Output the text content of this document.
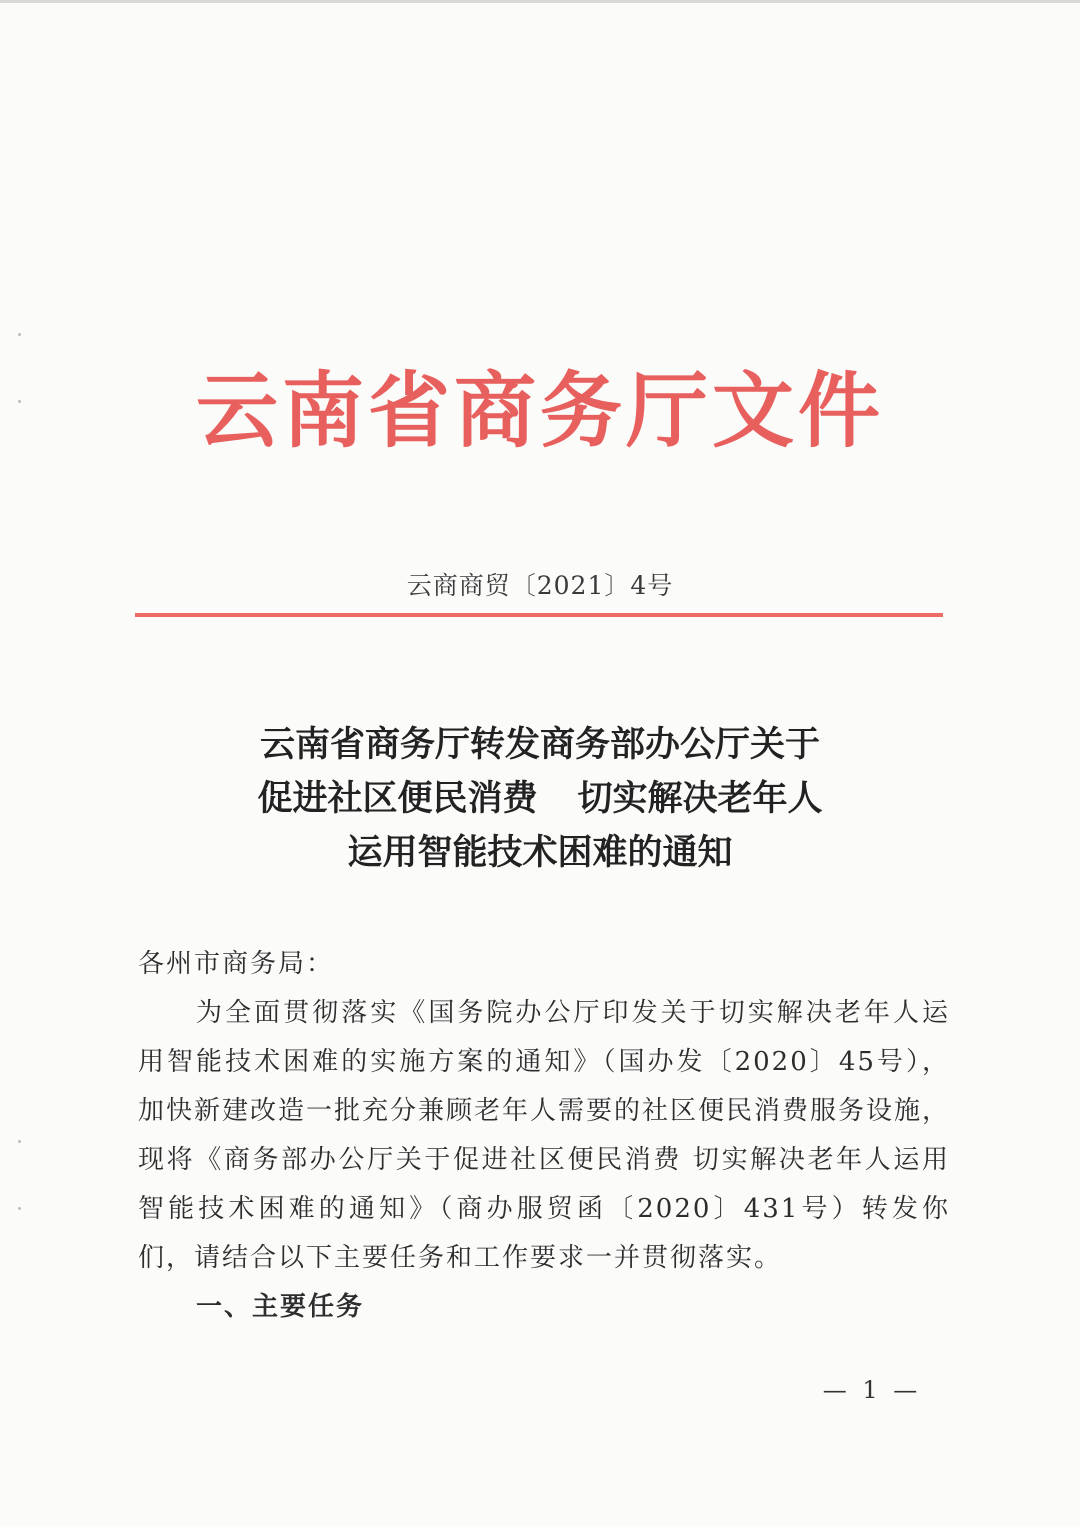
云南省商务厅文件
云商商贸〔2021〕4号
云南省商务厅转发商务部办公厅关于
促进社区便民消费 切实解决老年人
运用智能技术困难的通知
各州市商务局：
为全面贯彻落实《国务院办公厅印发关于切实解决老年人运用智能技术困难的实施方案的通知》（国办发〔2020〕45号），加快新建改造一批充分兼顾老年人需要的社区便民消费服务设施，现将《商务部办公厅关于促进社区便民消费 切实解决老年人运用智能技术困难的通知》（商办服贸函〔2020〕431号）转发你们，请结合以下主要任务和工作要求一并贯彻落实。
一、主要任务
— 1 —
